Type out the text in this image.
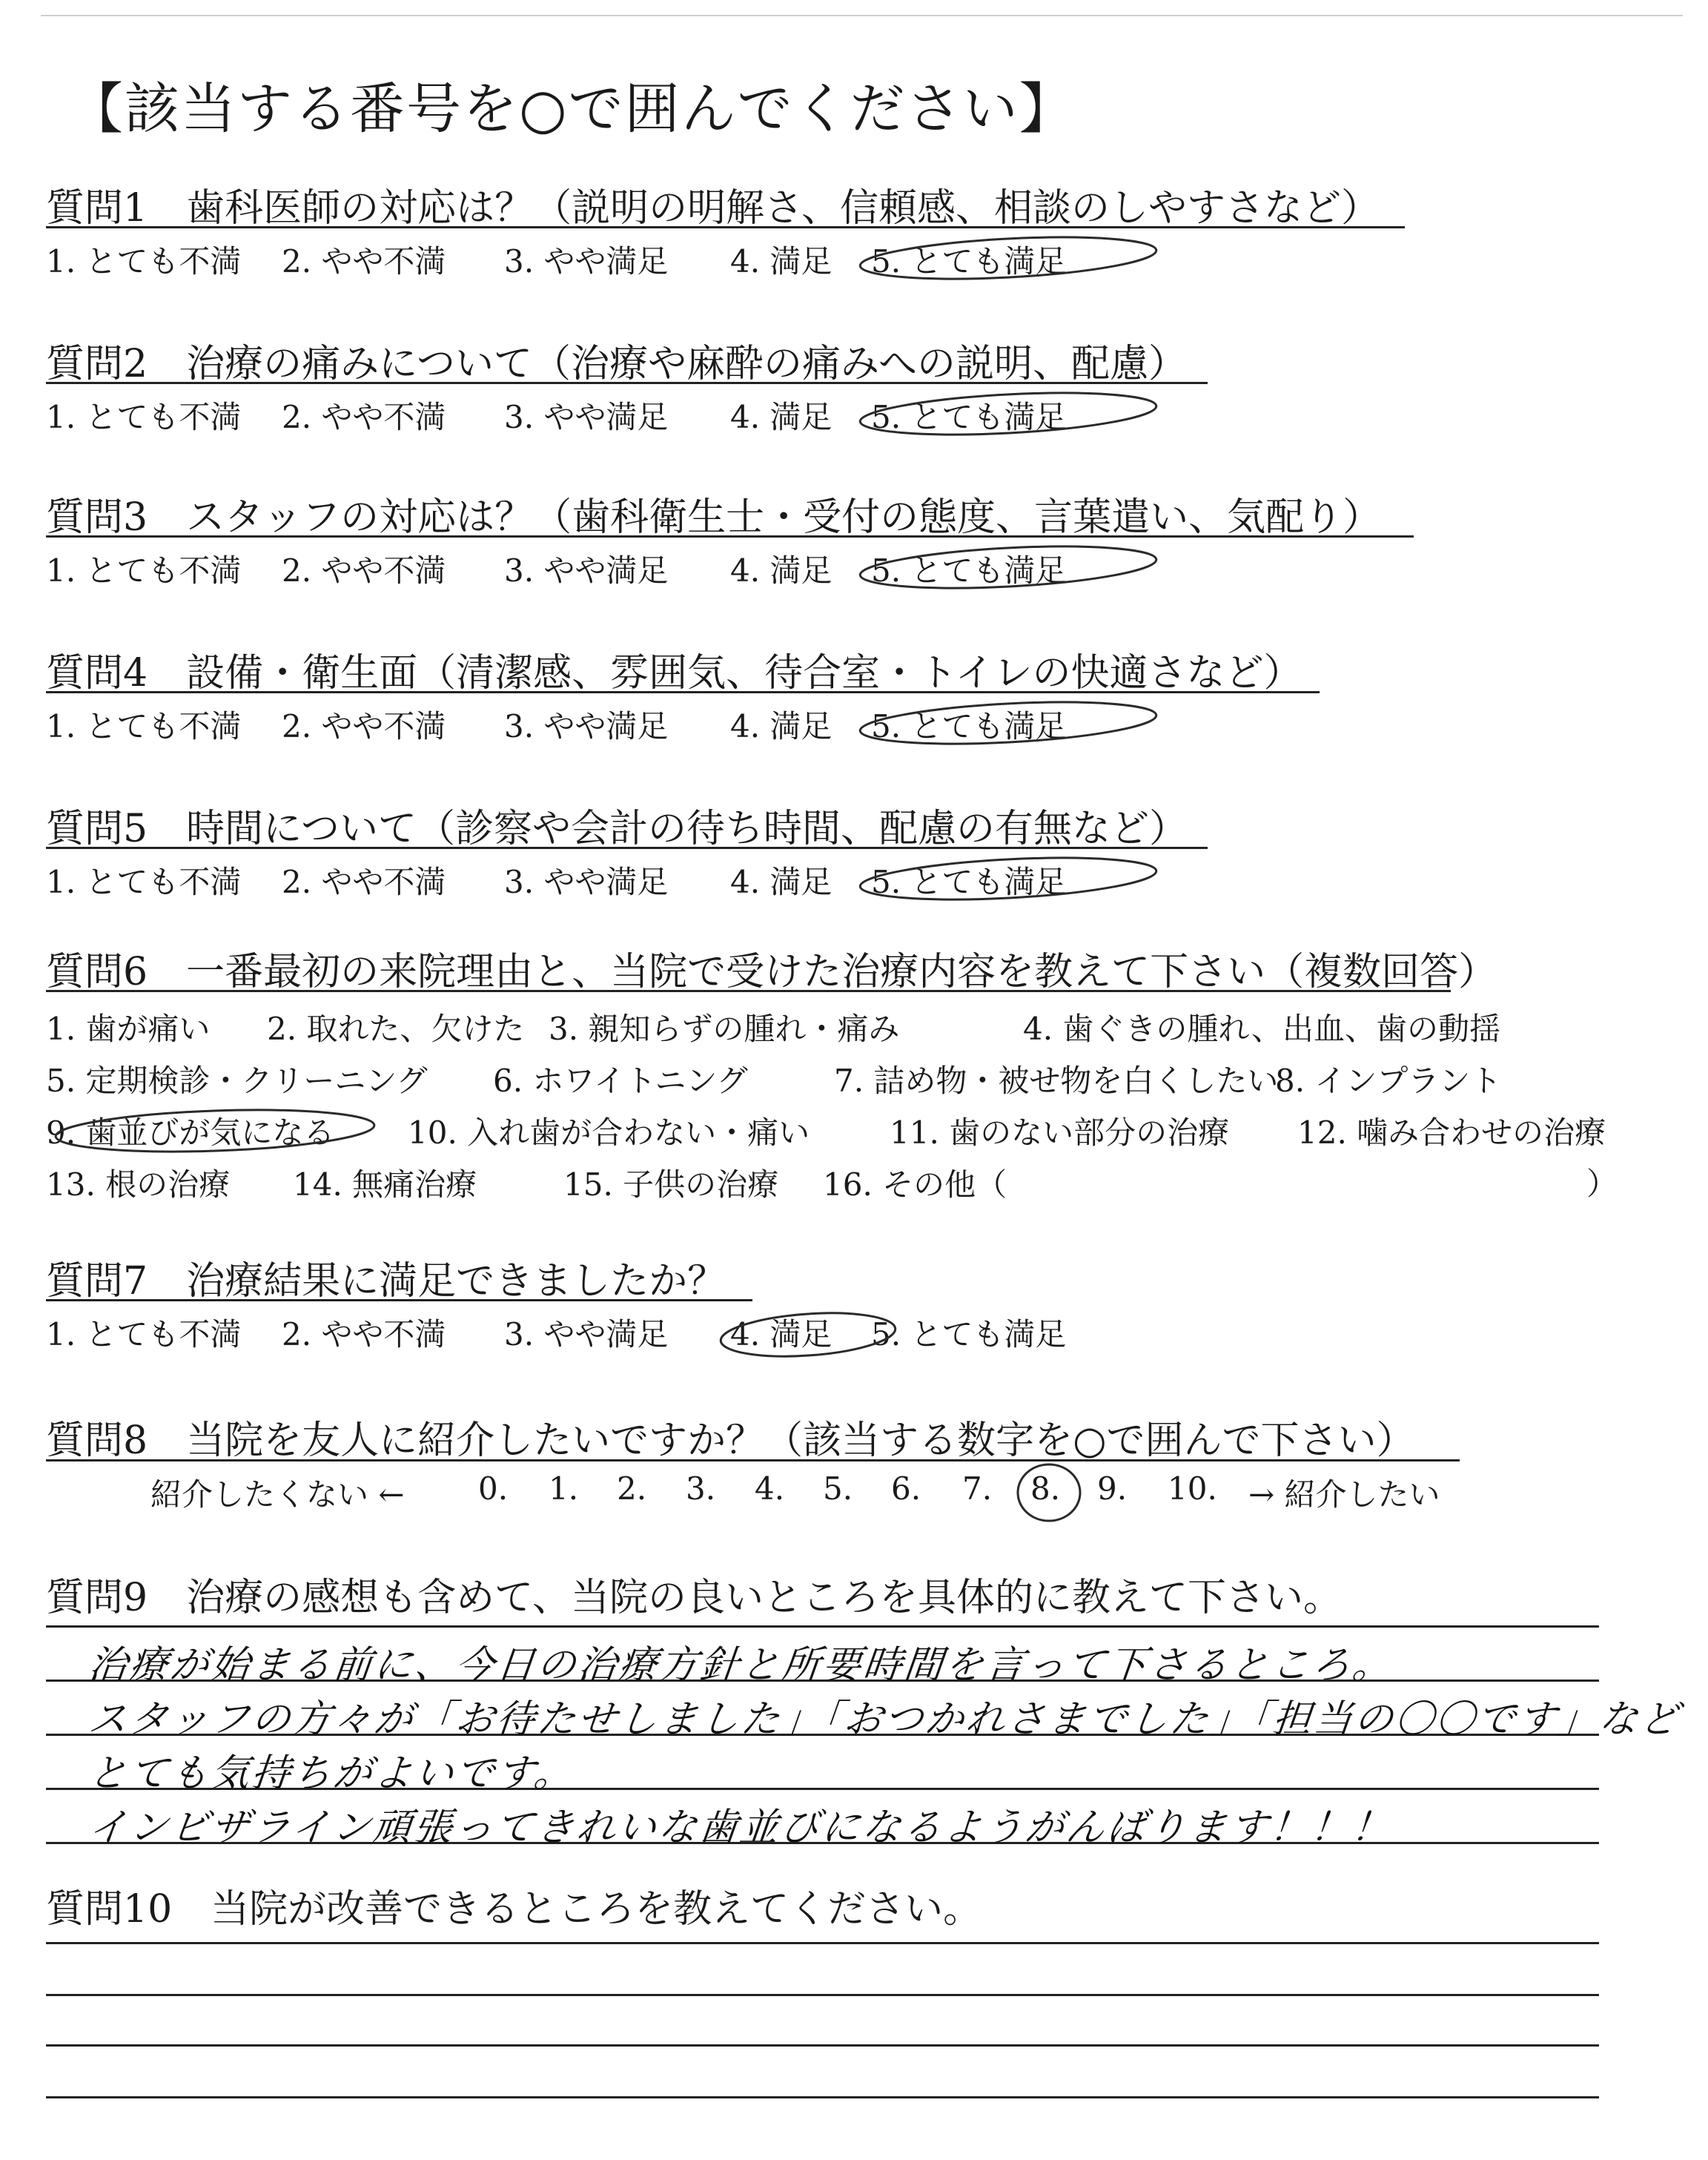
【該当する番号を○で囲んでください】
質問1　歯科医師の対応は？（説明の明解さ、信頼感、相談のしやすさなど）
1. とても不満 2. やや不満 3. やや満足 4. 満足 5. とても満足
質問2　治療の痛みについて（治療や麻酔の痛みへの説明、配慮）
1. とても不満 2. やや不満 3. やや満足 4. 満足 5. とても満足
質問3　スタッフの対応は？（歯科衛生士・受付の態度、言葉遣い、気配り）
1. とても不満 2. やや不満 3. やや満足 4. 満足 5. とても満足
質問4　設備・衛生面（清潔感、雰囲気、待合室・トイレの快適さなど）
1. とても不満 2. やや不満 3. やや満足 4. 満足 5. とても満足
質問5　時間について（診察や会計の待ち時間、配慮の有無など）
1. とても不満 2. やや不満 3. やや満足 4. 満足 5. とても満足
質問6　一番最初の来院理由と、当院で受けた治療内容を教えて下さい（複数回答）
1. 歯が痛い 2. 取れた、欠けた 3. 親知らずの腫れ・痛み	4. 歯ぐきの腫れ、出血、歯の動揺
5. 定期検診・クリーニング 6. ホワイトニング	7. 詰め物・被せ物を白くしたい
8. インプラント
9. 歯並びが気になる 10. 入れ歯が合わない・痛い	11. 歯のない部分の治療 12. 噛み合わせの治療
13. 根の治療 14. 無痛治療	15. 子供の治療 16. その他（	）
質問7　治療結果に満足できましたか？
1. とても不満 2. やや不満 3. やや満足 4. 満足 5. とても満足
質問8　当院を友人に紹介したいですか？（該当する数字を○で囲んで下さい）
紹介したくない ← 0. 1. 2. 3. 4. 5. 6. 7. 8. 9. 10. → 紹介したい
質問9　治療の感想も含めて、当院の良いところを具体的に教えて下さい。
治療が始まる前に、今日の治療方針と所要時間を言って下さるところ。
スタッフの方々が「お待たせしました」「おつかれさまでした」「担当の〇〇です」など
とても気持ちがよいです。
インビザライン頑張ってきれいな歯並びになるようがんばります！！！
質問10　当院が改善できるところを教えてください。
